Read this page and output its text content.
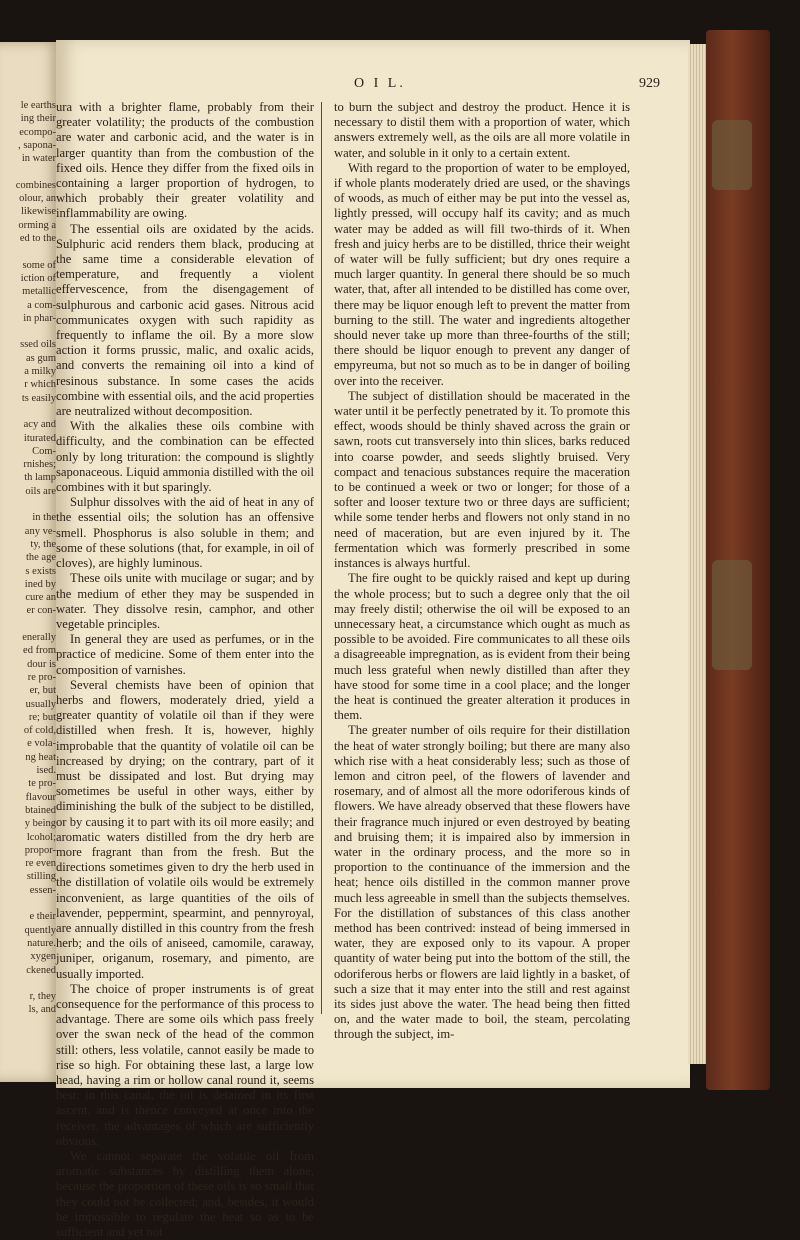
le earths
ing their
ecompo-
, sapona-
in water
combines
olour, an
likewise
orming a
ed to the
some of
iction of
metallic
a com-
in phar-
ssed oils
as gum
a milky
r which
ts easily
acy and
iturated
Com-
rnishes;
th lamp
oils are
in the
any ve-
ty, the
the age
s exists
ined by
cure an
er con-
enerally
ed from
dour is
re pro-
er, but
usually
re; but
of cold,
e vola-
ng heat
ised.
te pro-
flavour
btained
y being
lcohol;
propor-
re even
stilling
essen-
e their
quently
nature.
xygen
ckened
r, they
ls, and
O I L.	929

ura with a brighter flame, probably from their greater volatility; the products of the combustion are water and carbonic acid, and the water is in larger quantity than from the combustion of the fixed oils. Hence they differ from the fixed oils in containing a larger proportion of hydrogen, to which probably their greater volatility and inflammability are owing.

The essential oils are oxidated by the acids. Sulphuric acid renders them black, producing at the same time a considerable elevation of temperature, and frequently a violent effervescence, from the disengagement of sulphurous and carbonic acid gases. Nitrous acid communicates oxygen with such rapidity as frequently to inflame the oil. By a more slow action it forms prussic, malic, and oxalic acids, and converts the remaining oil into a kind of resinous substance. In some cases the acids combine with essential oils, and the acid properties are neutralized without decomposition.

With the alkalies these oils combine with difficulty, and the combination can be effected only by long trituration: the compound is slightly saponaceous. Liquid ammonia distilled with the oil combines with it but sparingly.

Sulphur dissolves with the aid of heat in any of the essential oils; the solution has an offensive smell. Phosphorus is also soluble in them; and some of these solutions (that, for example, in oil of cloves), are highly luminous.

These oils unite with mucilage or sugar; and by the medium of ether they may be suspended in water. They dissolve resin, camphor, and other vegetable principles.

In general they are used as perfumes, or in the practice of medicine. Some of them enter into the composition of varnishes.

Several chemists have been of opinion that herbs and flowers, moderately dried, yield a greater quantity of volatile oil than if they were distilled when fresh. It is, however, highly improbable that the quantity of volatile oil can be increased by drying; on the contrary, part of it must be dissipated and lost. But drying may sometimes be useful in other ways, either by diminishing the bulk of the subject to be distilled, or by causing it to part with its oil more easily; and aromatic waters distilled from the dry herb are more fragrant than from the fresh. But the directions sometimes given to dry the herb used in the distillation of volatile oils would be extremely inconvenient, as large quantities of the oils of lavender, peppermint, spearmint, and pennyroyal, are annually distilled in this country from the fresh herb; and the oils of aniseed, camomile, caraway, juniper, origanum, rosemary, and pimento, are usually imported.

The choice of proper instruments is of great consequence for the performance of this process to advantage. There are some oils which pass freely over the swan neck of the head of the common still: others, less volatile, cannot easily be made to rise so high. For obtaining these last, a large low head, having a rim or hollow canal round it, seems best: in this canal, the oil is detained in its first ascent, and is thence conveyed at once into the receiver, the advantages of which are sufficiently obvious.

We cannot separate the volatile oil from aromatic substances by distilling them alone, because the proportion of these oils is so small that they could not be collected; and, besides, it would be impossible to regulate the heat so as to be sufficient and yet not

to burn the subject and destroy the product. Hence it is necessary to distil them with a proportion of water, which answers extremely well, as the oils are all more volatile in water, and soluble in it only to a certain extent.

With regard to the proportion of water to be employed, if whole plants moderately dried are used, or the shavings of woods, as much of either may be put into the vessel as, lightly pressed, will occupy half its cavity; and as much water may be added as will fill two-thirds of it. When fresh and juicy herbs are to be distilled, thrice their weight of water will be fully sufficient; but dry ones require a much larger quantity. In general there should be so much water, that, after all intended to be distilled has come over, there may be liquor enough left to prevent the matter from burning to the still. The water and ingredients altogether should never take up more than three-fourths of the still; there should be liquor enough to prevent any danger of empyreuma, but not so much as to be in danger of boiling over into the receiver.

The subject of distillation should be macerated in the water until it be perfectly penetrated by it. To promote this effect, woods should be thinly shaved across the grain or sawn, roots cut transversely into thin slices, barks reduced into coarse powder, and seeds slightly bruised. Very compact and tenacious substances require the maceration to be continued a week or two or longer; for those of a softer and looser texture two or three days are sufficient; while some tender herbs and flowers not only stand in no need of maceration, but are even injured by it. The fermentation which was formerly prescribed in some instances is always hurtful.

The fire ought to be quickly raised and kept up during the whole process; but to such a degree only that the oil may freely distil; otherwise the oil will be exposed to an unnecessary heat, a circumstance which ought as much as possible to be avoided. Fire communicates to all these oils a disagreeable impregnation, as is evident from their being much less grateful when newly distilled than after they have stood for some time in a cool place; and the longer the heat is continued the greater alteration it produces in them.

The greater number of oils require for their distillation the heat of water strongly boiling; but there are many also which rise with a heat considerably less; such as those of lemon and citron peel, of the flowers of lavender and rosemary, and of almost all the more odoriferous kinds of flowers. We have already observed that these flowers have their fragrance much injured or even destroyed by beating and bruising them; it is impaired also by immersion in water in the ordinary process, and the more so in proportion to the continuance of the immersion and the heat; hence oils distilled in the common manner prove much less agreeable in smell than the subjects themselves. For the distillation of substances of this class another method has been contrived: instead of being immersed in water, they are exposed only to its vapour. A proper quantity of water being put into the bottom of the still, the odoriferous herbs or flowers are laid lightly in a basket, of such a size that it may enter into the still and rest against its sides just above the water. The head being then fitted on, and the water made to boil, the steam, percolating through the subject, im-
